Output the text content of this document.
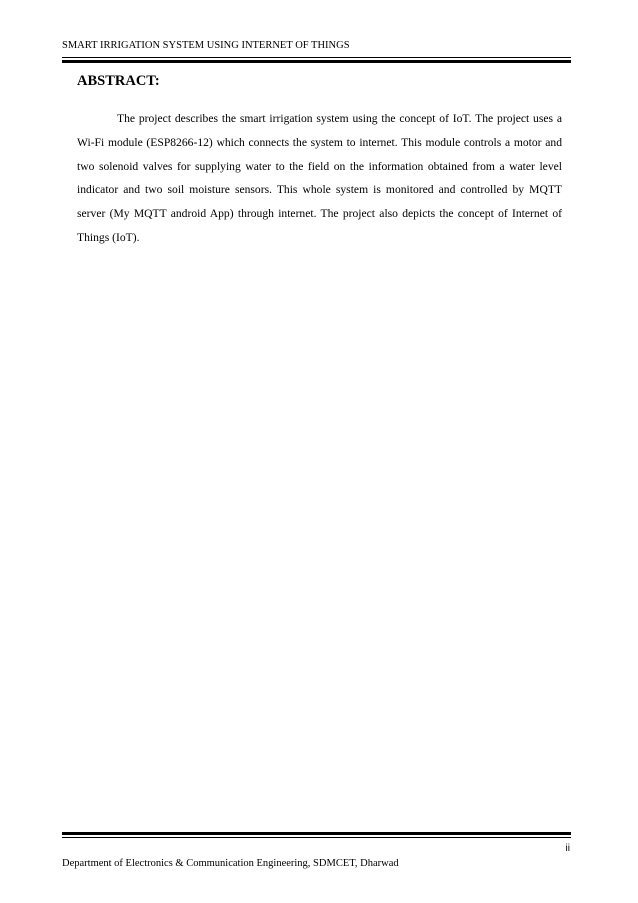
SMART IRRIGATION SYSTEM USING INTERNET OF THINGS
ABSTRACT:

The project describes the smart irrigation system using the concept of IoT. The project uses a Wi-Fi module (ESP8266-12) which connects the system to internet. This module controls a motor and two solenoid valves for supplying water to the field on the information obtained from a water level indicator and two soil moisture sensors. This whole system is monitored and controlled by MQTT server (My MQTT android App) through internet. The project also depicts the concept of Internet of Things (IoT).

ii
Department of Electronics & Communication Engineering, SDMCET, Dharwad
